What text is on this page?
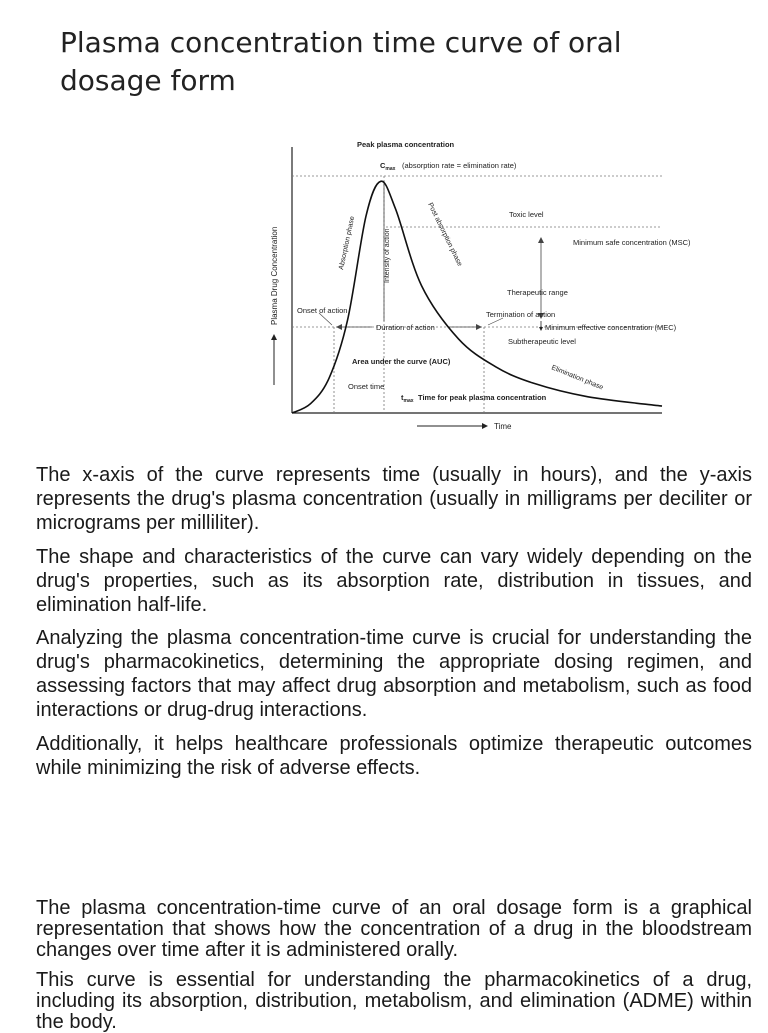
Plasma concentration time curve of oral dosage form
Plasma Drug Concentration
Time
Peak plasma concentration
$C_{max}$ (absorption rate = elimination rate)
Absorption phase	Intensity of action	Post absorption phase	Toxic level
Minimum safe concentration (MSC)
Therapeutic range
Onset of action
Duration of action
Termination of action
Minimum effective concentration (MEC)
Subtherapeutic level
Area under the curve (AUC)
Elimination phase
Onset time
$t_{max}$ Time for peak plasma concentration

The x-axis of the curve represents time (usually in hours), and the y-axis represents the drug's plasma concentration (usually in milligrams per deciliter or micrograms per milliliter).

The shape and characteristics of the curve can vary widely depending on the drug's properties, such as its absorption rate, distribution in tissues, and elimination half-life.

Analyzing the plasma concentration-time curve is crucial for understanding the drug's pharmacokinetics, determining the appropriate dosing regimen, and assessing factors that may affect drug absorption and metabolism, such as food interactions or drug-drug interactions.

Additionally, it helps healthcare professionals optimize therapeutic outcomes while minimizing the risk of adverse effects.

The plasma concentration-time curve of an oral dosage form is a graphical representation that shows how the concentration of a drug in the bloodstream changes over time after it is administered orally.

This curve is essential for understanding the pharmacokinetics of a drug, including its absorption, distribution, metabolism, and elimination (ADME) within the body.
